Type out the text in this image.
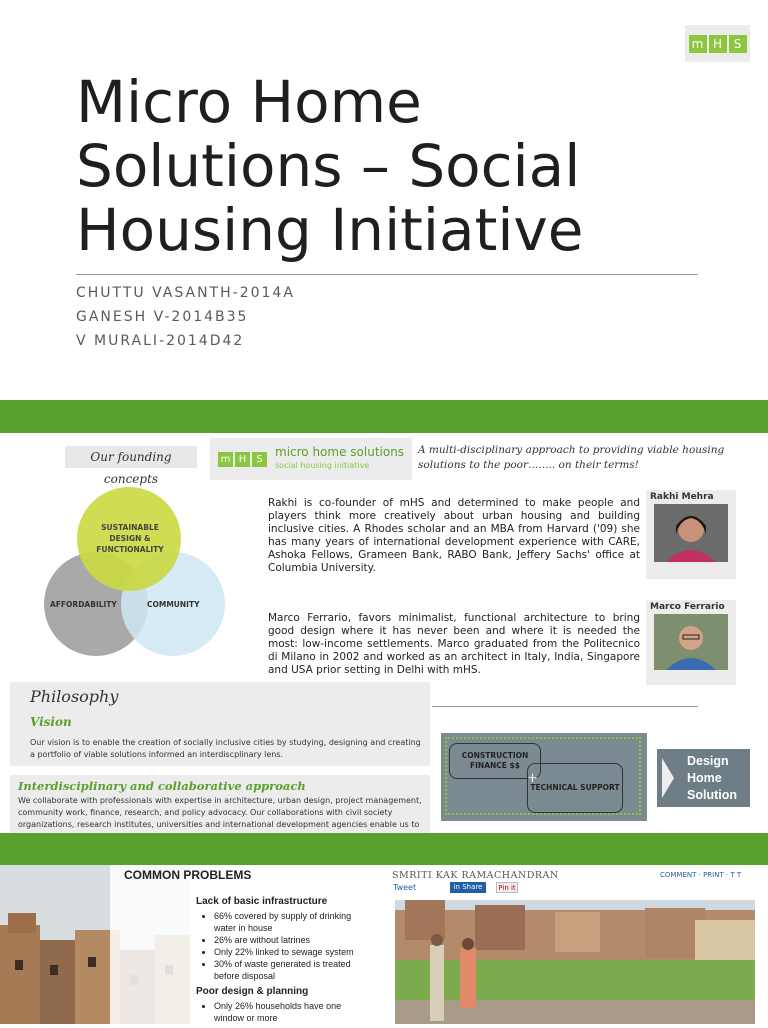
m H S
Micro Home
Solutions – Social
Housing Initiative
CHUTTU VASANTH-2014A
GANESH V-2014B35
V MURALI-2014D42
Our founding concepts
m H	S	micro home solutions
social housing initiative
A multi-disciplinary approach to providing viable housing solutions to the poor…..... on their terms!
SUSTAINABLE DESIGN & FUNCTIONALITY
AFFORDABILITY	COMMUNITY
Rakhi is co-founder of mHS and determined to make people and players think more creatively about urban housing and building inclusive cities. A Rhodes scholar and an MBA from Harvard ('09) she has many years of international development experience with CARE, Ashoka Fellows, Grameen Bank, RABO Bank, Jeffery Sachs' office at Columbia University.
Rakhi Mehra
Marco Ferrario, favors minimalist, functional architecture to bring good design where it has never been and where it is needed the most: low-income settlements. Marco graduated from the Politecnico di Milano in 2002 and worked as an architect in Italy, India, Singapore and USA prior setting in Delhi with mHS.
Marco Ferrario
Philosophy
Vision
Our vision is to enable the creation of socially inclusive cities by studying, designing and creating a portfolio of viable solutions informed an interdiscplinary lens.
Interdisciplinary and collaborative approach
We collaborate with professionals with expertise in architecture, urban design, project management, community work, finance, research, and policy advocacy. Our collaborations with civil society organizations, research institutes, universities and international development agencies enable us to
CONSTRUCTION FINANCE $$
+
TECHNICAL SUPPORT
Design Home Solution
COMMON PROBLEMS
Lack of basic infrastructure
• 66% covered by supply of drinking water in house
• 26% are without latrines
• Only 22% linked to sewage system
• 30% of waste generated is treated before disposal
Poor design & planning
• Only 26% households have one window or more
SMRITI KAK RAMACHANDRAN	COMMENT · PRINT · T T
Tweet	in Share	Pin it
